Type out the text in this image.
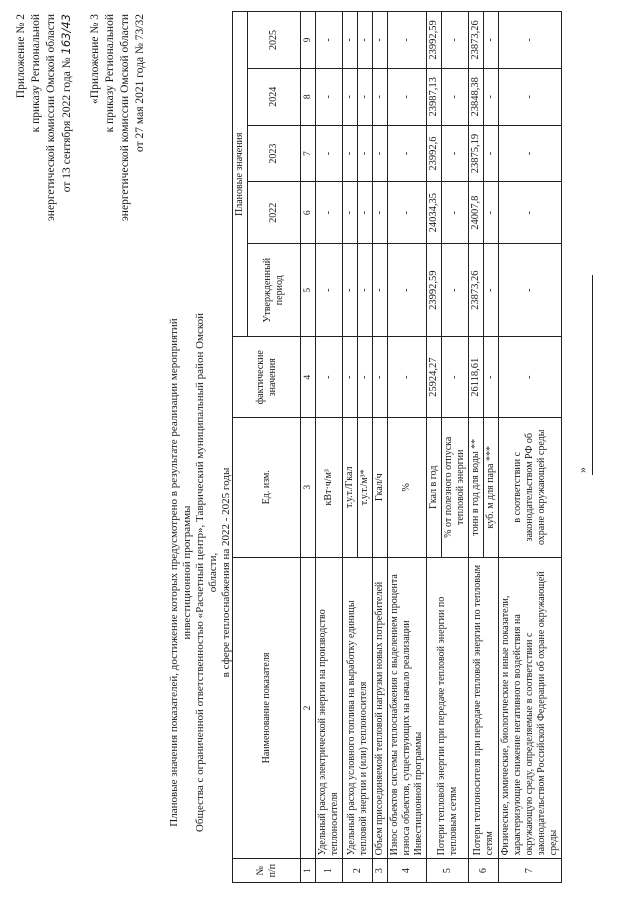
Приложение № 2 к приказу Региональной энергетической комиссии Омской области от 13 сентября 2022 года № 163/43 «Приложение № 3 к приказу Региональной энергетической комиссии Омской области от 27 мая 2021 года № 73/32
Плановые значения показателей, достижение которых предусмотрено в результате реализации мероприятий инвестиционной программы Общества с ограниченной ответственностью «Расчетный центр», Таврический муниципальный район Омской области, в сфере теплоснабжения на 2022 - 2025 годы
№ п/п	Наименование показателя	Ед. изм.	фактические значения	Плановые значения				
				Утвержденный период	2022	2023	2024	2025
1	2	3	4	5	6	7	8	9
1	Удельный расход электрической энергии на производство теплоносителя	кВт·ч/м³	-	-	-	-	-	-
2	Удельный расход условного топлива на выработку единицы тепловой энергии и (или) теплоносителя	т.у.т./Гкал	-	-	-	-	-	-
		т.у.т./м³*	-	-	-	-	-	-
3	Объем присоединяемой тепловой нагрузки новых потребителей	Гкал/ч	-	-	-	-	-	-
4	Износ объектов системы теплоснабжения с выделением процента износа объектов, существующих на начало реализации Инвестиционной программы	%	-	-	-	-	-	-
5	Потери тепловой энергии при передаче тепловой энергии по тепловым сетям	Гкал в год	25924,27	23992,59	24034,35	23992,6	23987,13	23992,59
		% от полезного отпуска тепловой энергии	-	-	-	-	-	-
6	Потери теплоносителя при передаче тепловой энергии по тепловым сетям	тонн в год для воды **	26118,61	23873,26	24007,8	23875,19	23848,38	23873,26
		куб. м для пара ***	-	-	-	-	-	-
7	Физические, химические, биологические и иные показатели, характеризующие снижение негативного воздействия на окружающую среду, определяемые в соответствии с законодательством Российской Федерации об охране окружающей среды	в соответствии с законодательством РФ об охране окружающей среды	-	-	-	-	-	-
»
